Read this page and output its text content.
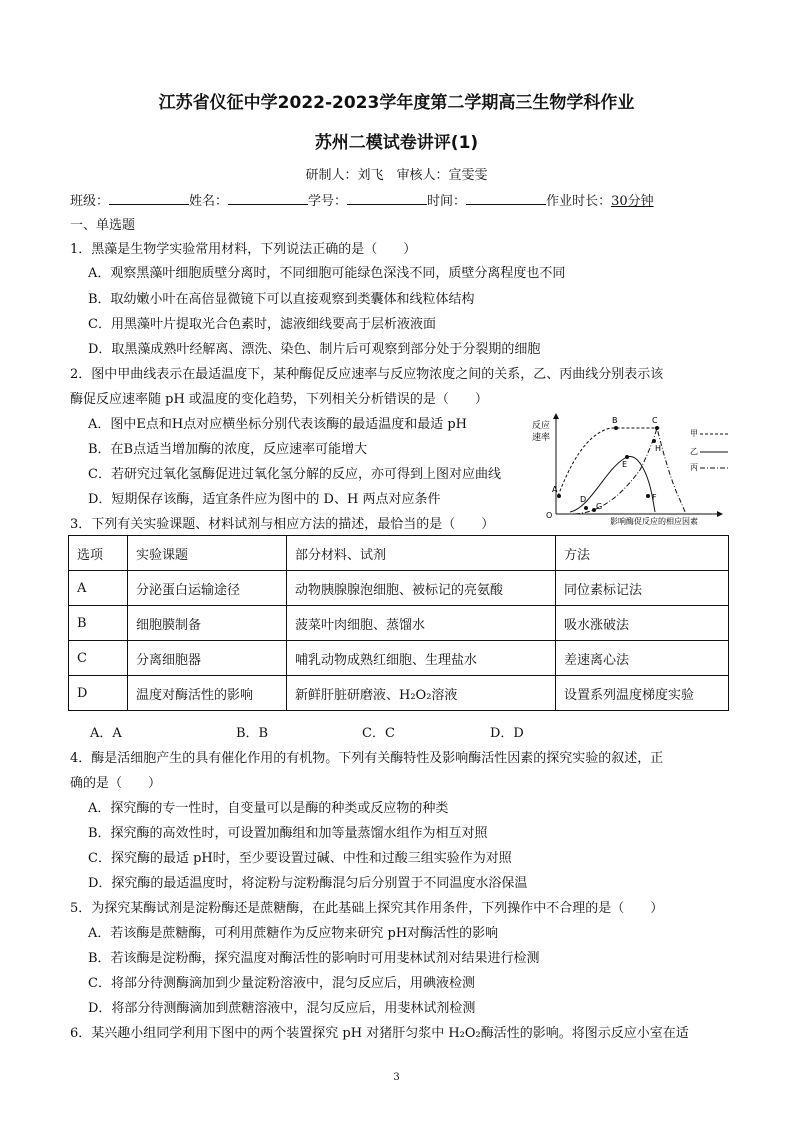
江苏省仪征中学2022-2023学年度第二学期高三生物学科作业
苏州二模试卷讲评(1)
研制人：刘飞　审核人：宣雯雯
班级：	姓名：	学号：	时间：	作业时长：30分钟
一、单选题
1．黑藻是生物学实验常用材料，下列说法正确的是（　　）
A．观察黑藻叶细胞质壁分离时，不同细胞可能绿色深浅不同，质壁分离程度也不同
B．取幼嫩小叶在高倍显微镜下可以直接观察到类囊体和线粒体结构
C．用黑藻叶片提取光合色素时，滤液细线要高于层析液液面
D．取黑藻成熟叶经解离、漂洗、染色、制片后可观察到部分处于分裂期的细胞
2．图中甲曲线表示在最适温度下，某种酶促反应速率与反应物浓度之间的关系，乙、丙曲线分别表示该
酶促反应速率随 pH 或温度的变化趋势，下列相关分析错误的是（　　）
A．图中E点和H点对应横坐标分别代表该酶的最适温度和最适 pH
B．在B点适当增加酶的浓度，反应速率可能增大
C．若研究过氧化氢酶促进过氧化氢分解的反应，亦可得到上图对应曲线
D．短期保存该酶，适宜条件应为图中的 D、H 两点对应条件
反应
速率
O
影响酶促反应的相应因素
A
B	C
D
E
F
G
H
甲
乙
丙
3．下列有关实验课题、材料试剂与相应方法的描述，最恰当的是（　　）
选项	实验课题	部分材料、试剂	方法
A	分泌蛋白运输途径	动物胰腺腺泡细胞、被标记的亮氨酸	同位素标记法
B	细胞膜制备	菠菜叶肉细胞、蒸馏水	吸水涨破法
C	分离细胞器	哺乳动物成熟红细胞、生理盐水	差速离心法
D	温度对酶活性的影响	新鲜肝脏研磨液、H₂O₂溶液	设置系列温度梯度实验
A．A	B．B	C．C	D．D
4．酶是活细胞产生的具有催化作用的有机物。下列有关酶特性及影响酶活性因素的探究实验的叙述，正
确的是（　　）
A．探究酶的专一性时，自变量可以是酶的种类或反应物的种类
B．探究酶的高效性时，可设置加酶组和加等量蒸馏水组作为相互对照
C．探究酶的最适 pH时，至少要设置过碱、中性和过酸三组实验作为对照
D．探究酶的最适温度时，将淀粉与淀粉酶混匀后分别置于不同温度水浴保温
5．为探究某酶试剂是淀粉酶还是蔗糖酶，在此基础上探究其作用条件，下列操作中不合理的是（　　）
A．若该酶是蔗糖酶，可利用蔗糖作为反应物来研究 pH对酶活性的影响
B．若该酶是淀粉酶，探究温度对酶活性的影响时可用斐林试剂对结果进行检测
C．将部分待测酶滴加到少量淀粉溶液中，混匀反应后，用碘液检测
D．将部分待测酶滴加到蔗糖溶液中，混匀反应后，用斐林试剂检测
6．某兴趣小组同学利用下图中的两个装置探究 pH 对猪肝匀浆中 H₂O₂酶活性的影响。将图示反应小室在适
3
